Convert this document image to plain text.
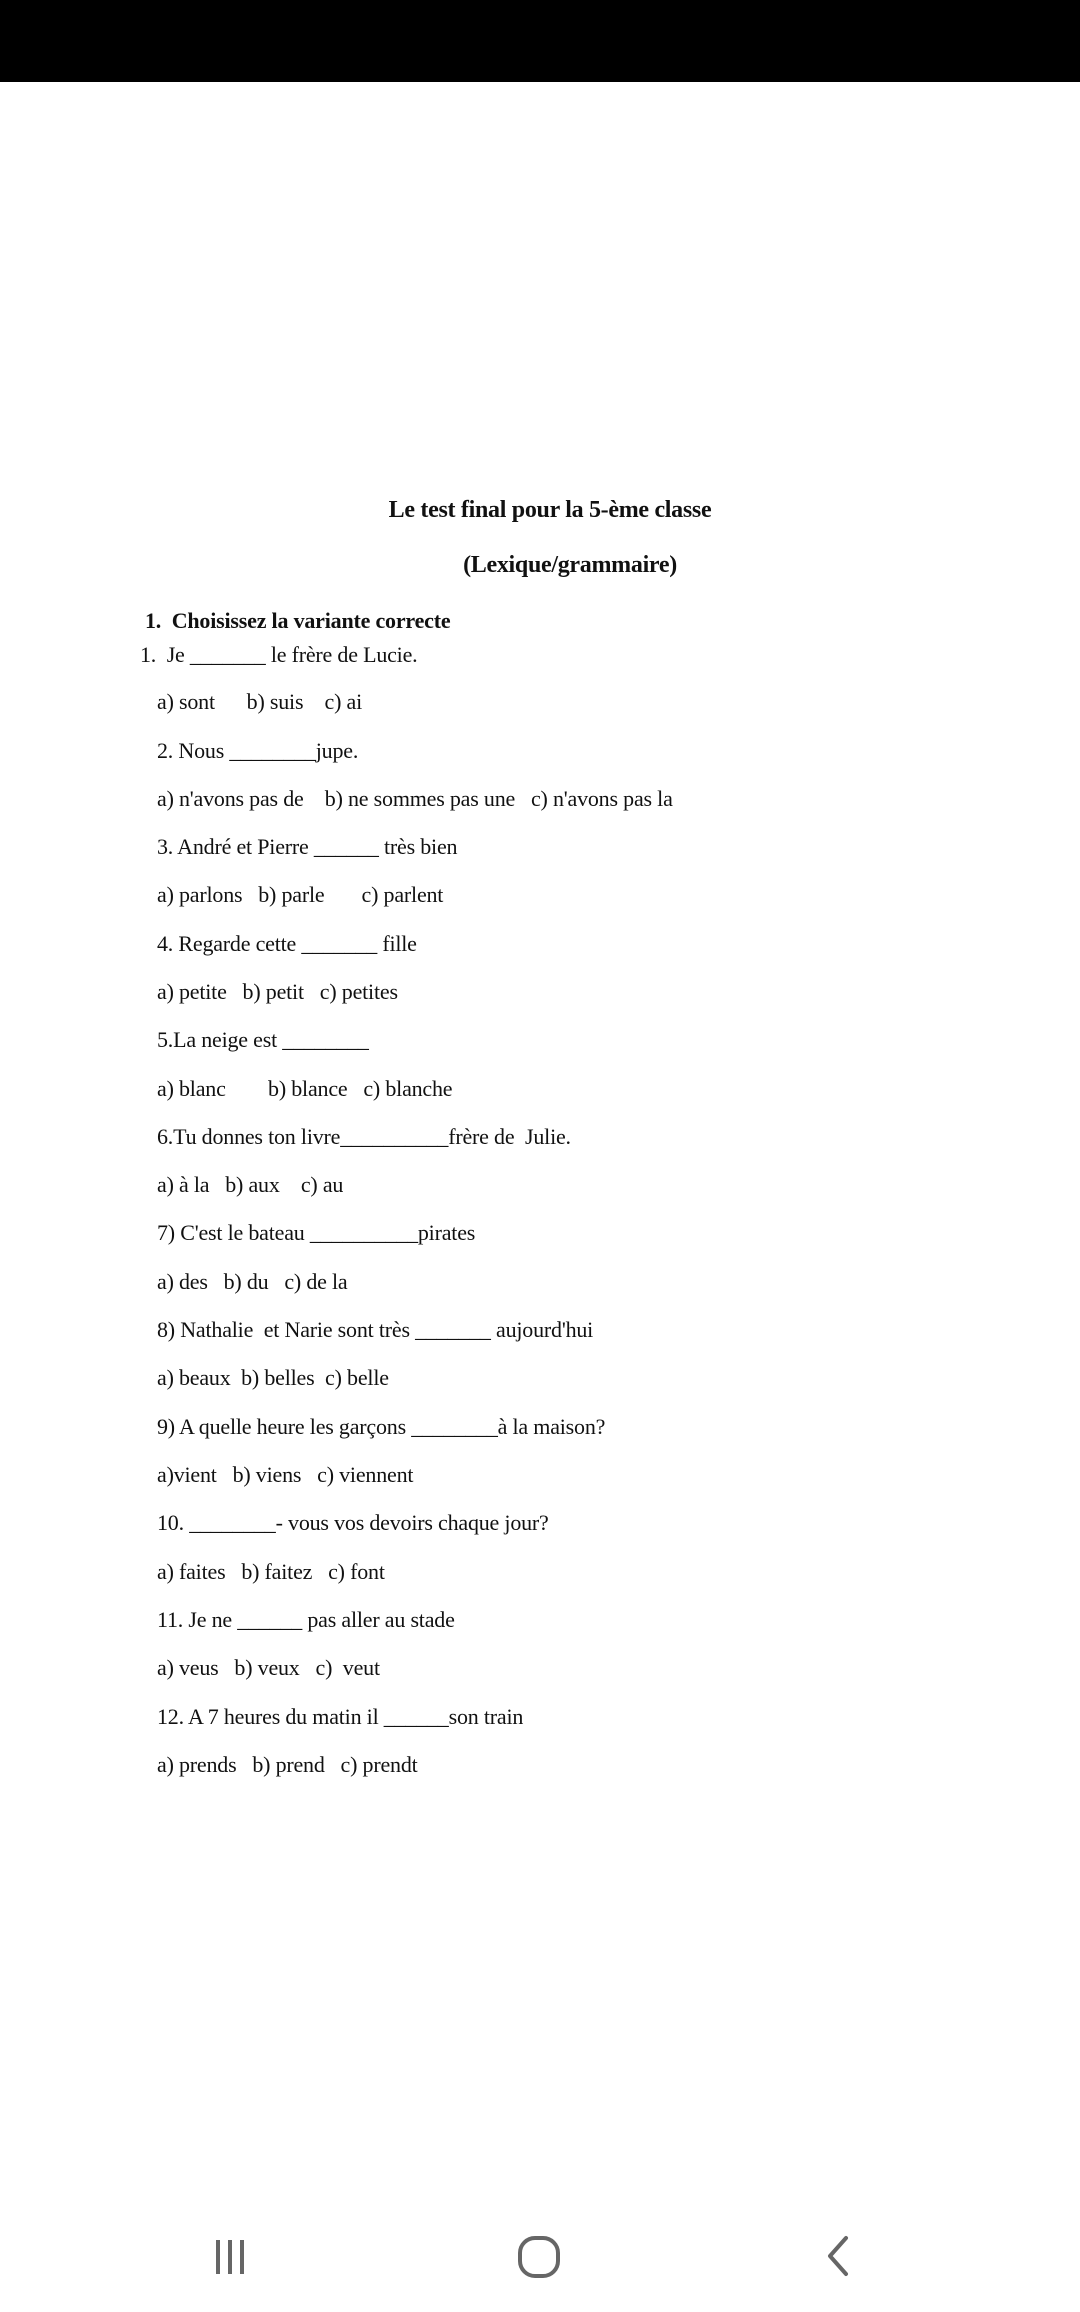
Le test final pour la 5-ème classe
(Lexique/grammaire)
1.  Choisissez la variante correcte
1.  Je _______ le frère de Lucie.
a) sont      b) suis    c) ai
2. Nous ________jupe.
a) n'avons pas de    b) ne sommes pas une   c) n'avons pas la
3. André et Pierre ______ très bien
a) parlons   b) parle       c) parlent
4. Regarde cette _______ fille
a) petite   b) petit   c) petites
5.La neige est ________
a) blanc        b) blance   c) blanche
6.Tu donnes ton livre__________frère de  Julie.
a) à la   b) aux    c) au
7) C'est le bateau __________pirates
a) des   b) du   c) de la
8) Nathalie  et Narie sont très _______ aujourd'hui
a) beaux  b) belles  c) belle
9) A quelle heure les garçons ________à la maison?
a)vient   b) viens   c) viennent
10. ________- vous vos devoirs chaque jour?
a) faites   b) faitez   c) font
11. Je ne ______ pas aller au stade
a) veus   b) veux   c)  veut
12. A 7 heures du matin il ______son train
a) prends   b) prend   c) prendt
